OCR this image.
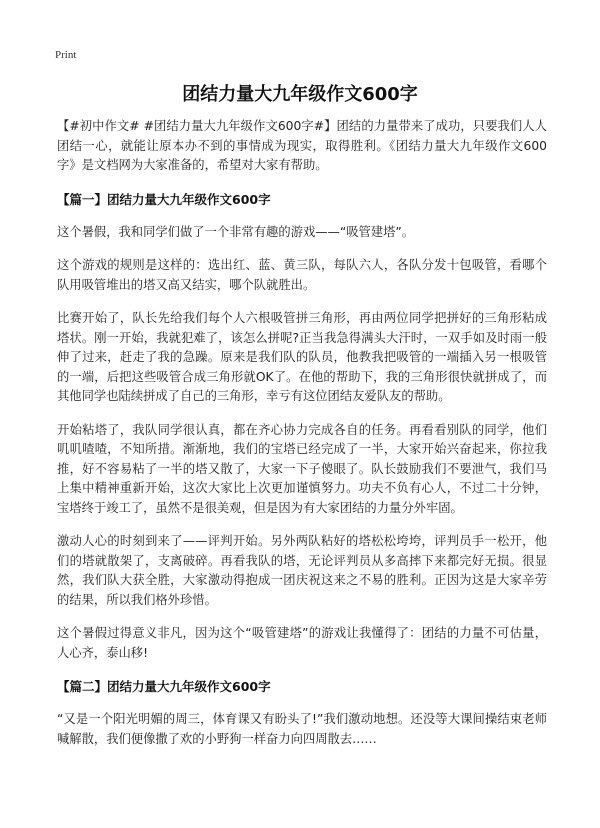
Print
团结力量大九年级作文600字

【#初中作文# #团结力量大九年级作文600字#】团结的力量带来了成功，只要我们人人团结一心，就能让原本办不到的事情成为现实，取得胜利。《团结力量大九年级作文600字》是文档网为大家准备的，希望对大家有帮助。

【篇一】团结力量大九年级作文600字

这个暑假，我和同学们做了一个非常有趣的游戏——“吸管建塔”。

这个游戏的规则是这样的：选出红、蓝、黄三队，每队六人，各队分发十包吸管，看哪个队用吸管堆出的塔又高又结实，哪个队就胜出。

比赛开始了，队长先给我们每个人六根吸管拼三角形，再由两位同学把拼好的三角形粘成塔状。刚一开始，我就犯难了，该怎么拼呢?正当我急得满头大汗时，一双手如及时雨一般伸了过来，赶走了我的急躁。原来是我们队的队员，他教我把吸管的一端插入另一根吸管的一端，后把这些吸管合成三角形就OK了。在他的帮助下，我的三角形很快就拼成了，而其他同学也陆续拼成了自己的三角形，幸亏有这位团结友爱队友的帮助。

开始粘塔了，我队同学很认真，都在齐心协力完成各自的任务。再看看别队的同学，他们叽叽喳喳，不知所措。渐渐地，我们的宝塔已经完成了一半，大家开始兴奋起来，你拉我推，好不容易粘了一半的塔又散了，大家一下子傻眼了。队长鼓励我们不要泄气，我们马上集中精神重新开始，这次大家比上次更加谨慎努力。功夫不负有心人，不过二十分钟，宝塔终于竣工了，虽然不是很美观，但是因为有大家团结的力量分外牢固。

激动人心的时刻到来了——评判开始。另外两队粘好的塔松松垮垮，评判员手一松开，他们的塔就散架了，支离破碎。再看我队的塔，无论评判员从多高摔下来都完好无损。很显然，我们队大获全胜，大家激动得抱成一团庆祝这来之不易的胜利。正因为这是大家辛劳的结果，所以我们格外珍惜。

这个暑假过得意义非凡，因为这个“吸管建塔”的游戏让我懂得了：团结的力量不可估量，人心齐，泰山移!

【篇二】团结力量大九年级作文600字

“又是一个阳光明媚的周三，体育课又有盼头了!”我们激动地想。还没等大课间操结束老师喊解散，我们便像撒了欢的小野狗一样奋力向四周散去……
